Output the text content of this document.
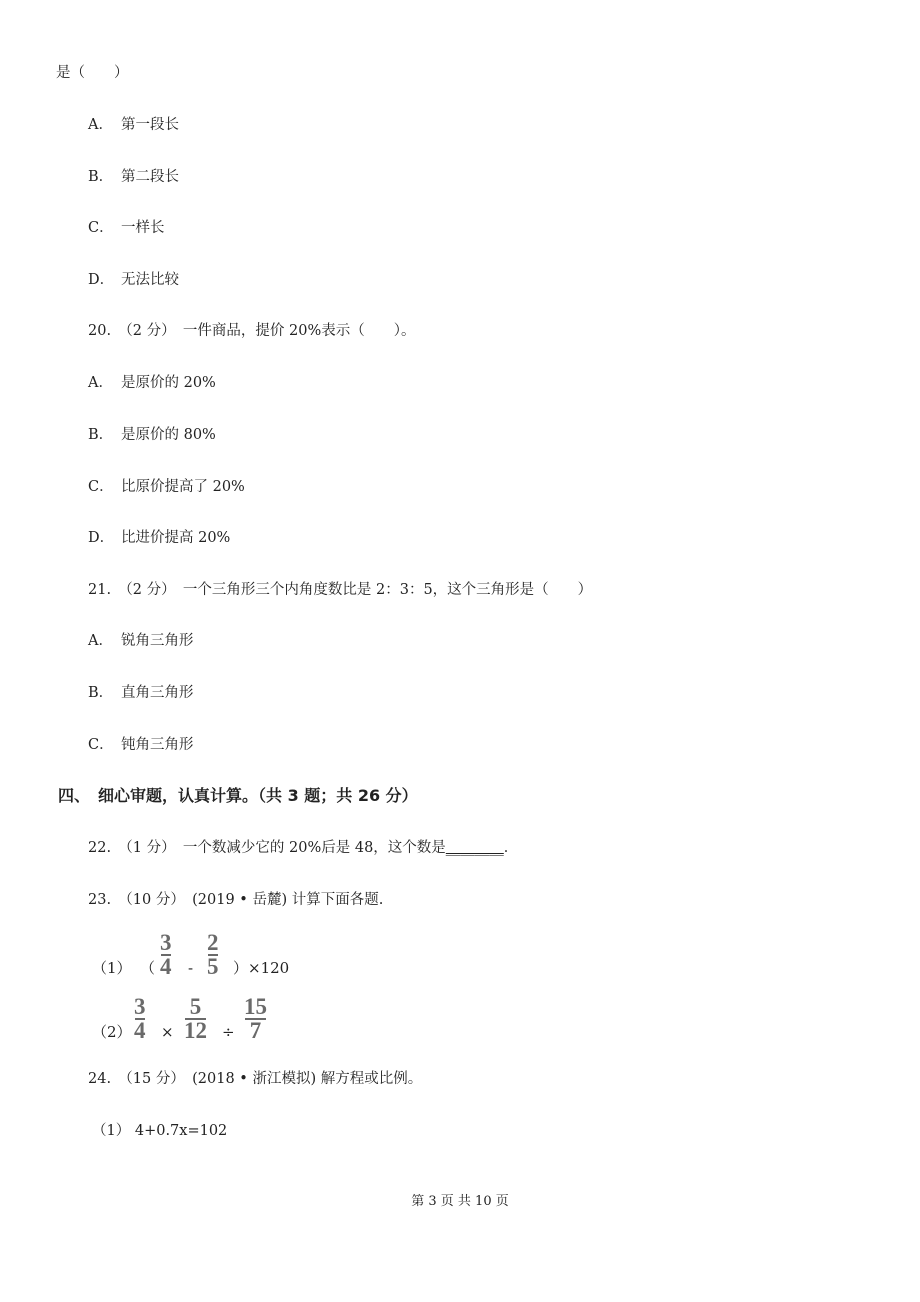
是（　　）
A． 第一段长
B． 第二段长
C． 一样长
D． 无法比较
20.　（2 分）　一件商品，提价 20%表示（　　）。
A． 是原价的 20%
B． 是原价的 80%
C． 比原价提高了 20%
D． 比进价提高 20%
21.　（2 分）　一个三角形三个内角度数比是 2：3：5，这个三角形是（　　）
A． 锐角三角形
B． 直角三角形
C． 钝角三角形
四、　细心审题，认真计算。（共 3 题；共 26 分）
22.　（1 分）　一个数减少它的 20%后是 48，这个数是________．
23.　（10 分）　(2019 • 岳麓) 计算下面各题.
（1） （
3
4 -
2
5 ）×120
（2）
3
4 ×
5
12 ÷
15
7
24.　（15 分）　(2018 • 浙江模拟) 解方程或比例。
（1） 4+0.7x=102
第 3 页 共 10 页
